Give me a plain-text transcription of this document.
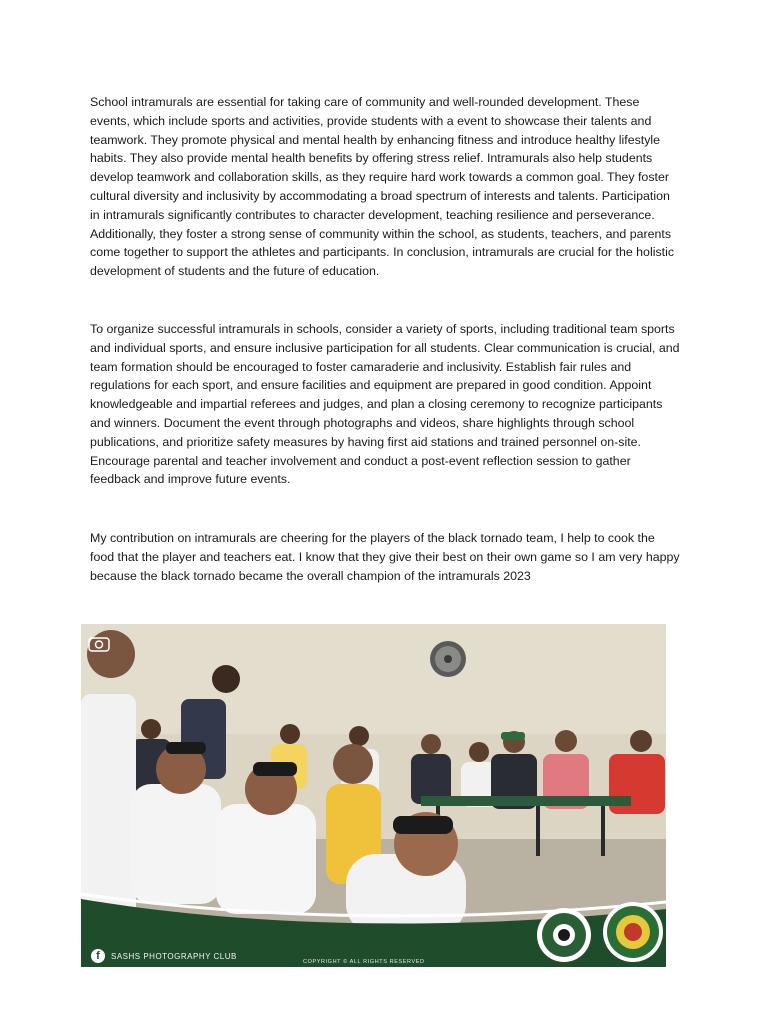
School intramurals are essential for taking care of community and well-rounded development. These events, which include sports and activities, provide students with a event to showcase their talents and teamwork. They promote physical and mental health by enhancing fitness and introduce healthy lifestyle habits. They also provide mental health benefits by offering stress relief. Intramurals also help students develop teamwork and collaboration skills, as they require hard work towards a common goal. They foster cultural diversity and inclusivity by accommodating a broad spectrum of interests and talents. Participation in intramurals significantly contributes to character development, teaching resilience and perseverance. Additionally, they foster a strong sense of community within the school, as students, teachers, and parents come together to support the athletes and participants. In conclusion, intramurals are crucial for the holistic development of students and the future of education.

To organize successful intramurals in schools, consider a variety of sports, including traditional team sports and individual sports, and ensure inclusive participation for all students. Clear communication is crucial, and team formation should be encouraged to foster camaraderie and inclusivity. Establish fair rules and regulations for each sport, and ensure facilities and equipment are prepared in good condition. Appoint knowledgeable and impartial referees and judges, and plan a closing ceremony to recognize participants and winners. Document the event through photographs and videos, share highlights through school publications, and prioritize safety measures by having first aid stations and trained personnel on-site. Encourage parental and teacher involvement and conduct a post-event reflection session to gather feedback and improve future events.

My contribution on intramurals are cheering for the players of the black tornado team, I help to cook the food that the player and teachers eat. I know that they give their best on their own game so I am very happy because the black tornado became the overall champion of the intramurals 2023

f	SASHS PHOTOGRAPHY CLUB
COPYRIGHT © ALL RIGHTS RESERVED
